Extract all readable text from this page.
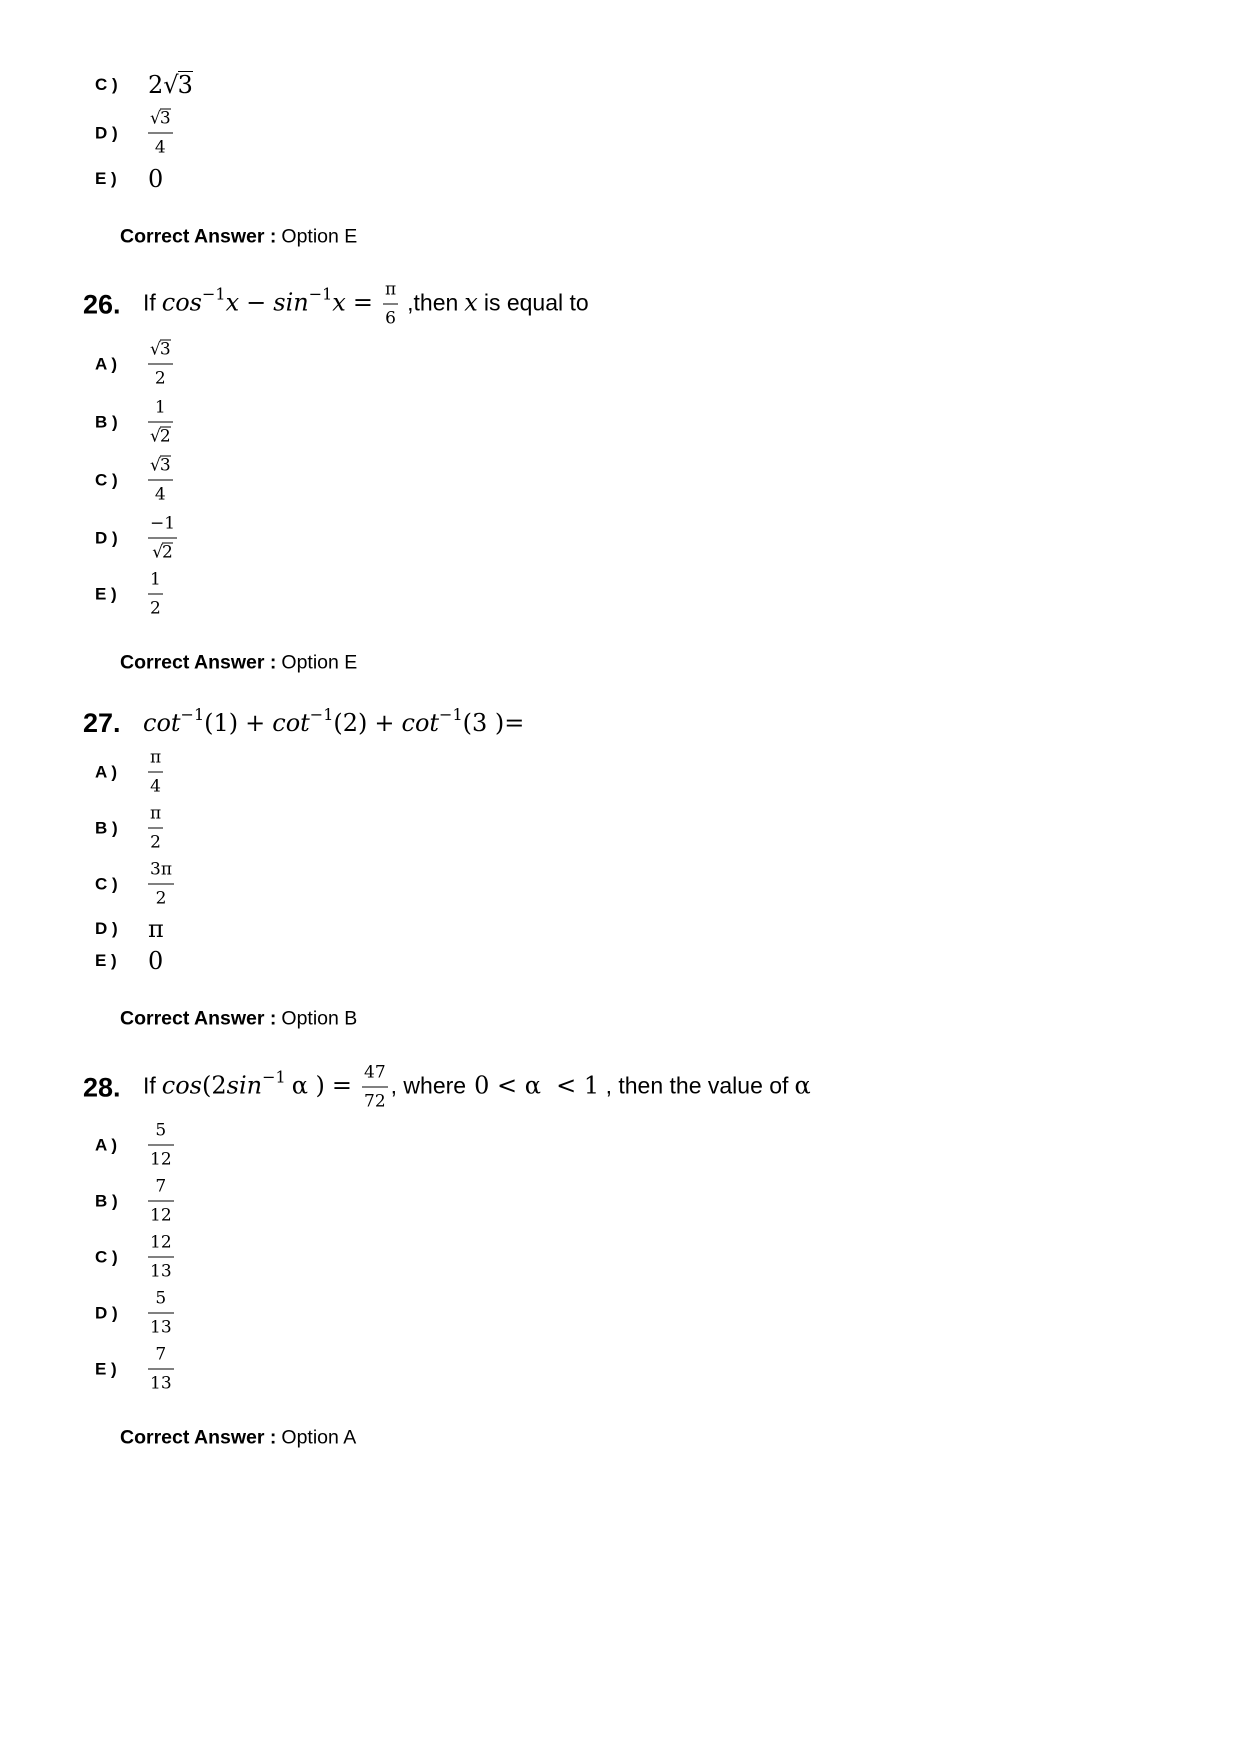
C )	2√3
D )	$\frac{√3}{4}$
E )	0
Correct Answer : Option E
26. If cos −1 x − sin −1 $x = \frac{\pi}{6}$ ,then x is equal to
A )	$\frac{√3}{2}$
B )	$\frac{1}{√2}$
C )	$\frac{√3}{4}$
D )	$\frac{-1}{√2}$
E )	$\frac{1}{2}$
Correct Answer : Option E
27. cot −1 (1) + cot −1 (2) + cot −1 (3 )=
A )	$\frac{\pi}{4}$
B )	$\frac{\pi}{2}$
C )	$\frac{3\pi}{2}$
D )	π
E )	0
Correct Answer : Option B
28. If cos (2 sin −1 α ) = $\frac{47}{72}$ , where 0 < α  < 1  , then the value of α
A )	$\frac{5}{12}$
B )	$\frac{7}{12}$
C )	$\frac{12}{13}$
D )	$\frac{5}{13}$
E )	$\frac{7}{13}$
Correct Answer : Option A
